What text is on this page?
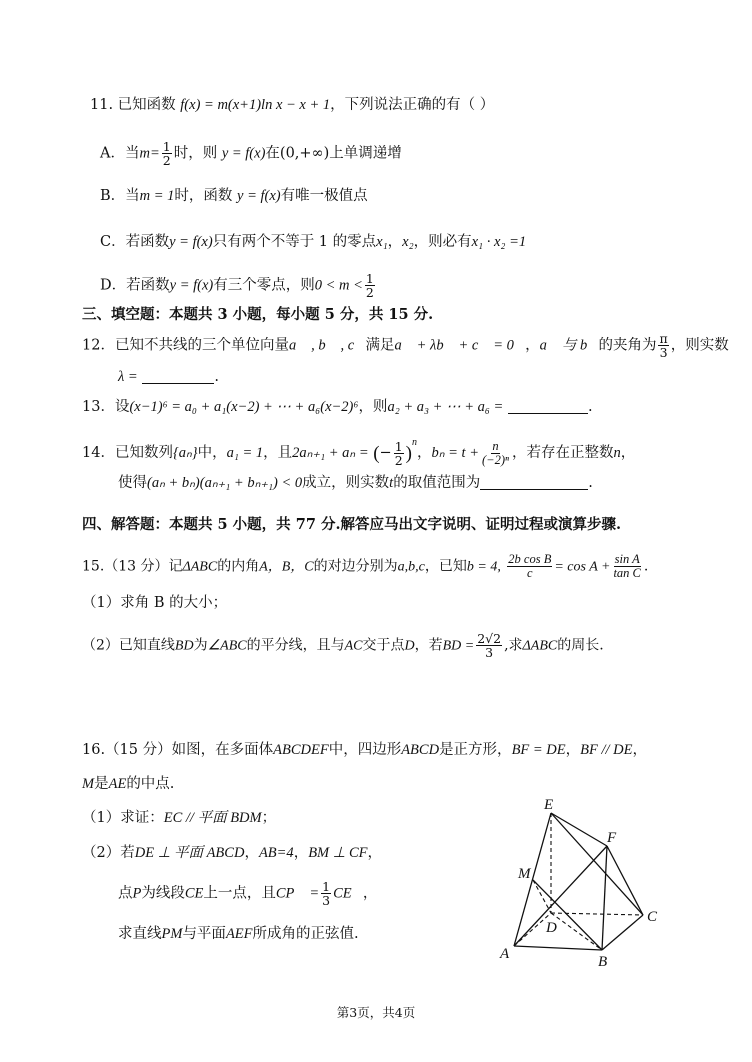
11. 已知函数 f(x) = m(x+1)ln x − x + 1，下列说法正确的有（ ）
A．当$m= \frac{1}{2}$ 时，则 y = f(x)在(0,+∞)上单调递增
B．当m = 1时，函数 y = f(x)有唯一极值点
C．若函数y = f(x)只有两个不等于 1 的零点x₁，x₂，则必有x₁ · x₂ =1
D．若函数y = f(x)有三个零点，则$0 < m < \frac{1}{2}$
三、填空题：本题共 3 小题，每小题 5 分，共 15 分.
12．已知不共线的三个单位向量a⃗ , b⃗ , c⃗满足a⃗ + λb⃗ + c⃗ = 0⃗，a⃗ 与 b⃗的夹角为 $\frac{\pi}{3}$ ，则实数
λ =	.
13．设(x−1)⁶ = a₀ + a₁(x−2) + ⋯ + a₆(x−2)⁶，则a₂ + a₃ + ⋯ + a₆ =	.
14．已知数列{aₙ}中，a₁ = 1，且2aₙ₊₁ + aₙ = (− $\frac{1}{2} )^n$，$b_n = t + \frac{n}{\text{(−2)ⁿ}}$ ，若存在正整数n，
使得(aₙ + bₙ)(aₙ₊₁ + bₙ₊₁) < 0成立，则实数t的取值范围为	.
四、解答题：本题共 5 小题，共 77 分.解答应马出文字说明、证明过程或演算步骤.
15.（13 分）记ΔABC的内角A，B，C的对边分别为a,b,c，已知b = 4, $\frac{\text{2b cos B}}{c} = \cos A + \frac{\text{sin A}}{\text{tan C}}$ .
（1）求角 B 的大小；
（2）已知直线BD为∠ABC的平分线，且与AC交于点D，若BD = $\frac{2√2}{3}$ ,求ΔABC的周长.
16.（15 分）如图，在多面体ABCDEF中，四边形ABCD是正方形，BF = DE，BF // DE，
M是AE的中点.
（1）求证：EC // 平面 BDM；
（2）若DE ⊥ 平面 ABCD，AB=4，BM ⊥ CF，
点P为线段CE上一点，且CP⃗ = $\frac{1}{3}$ CE⃗，
求直线PM与平面AEF所成角的正弦值.
E
F
M
D
C
A	B
第3页，共4页
